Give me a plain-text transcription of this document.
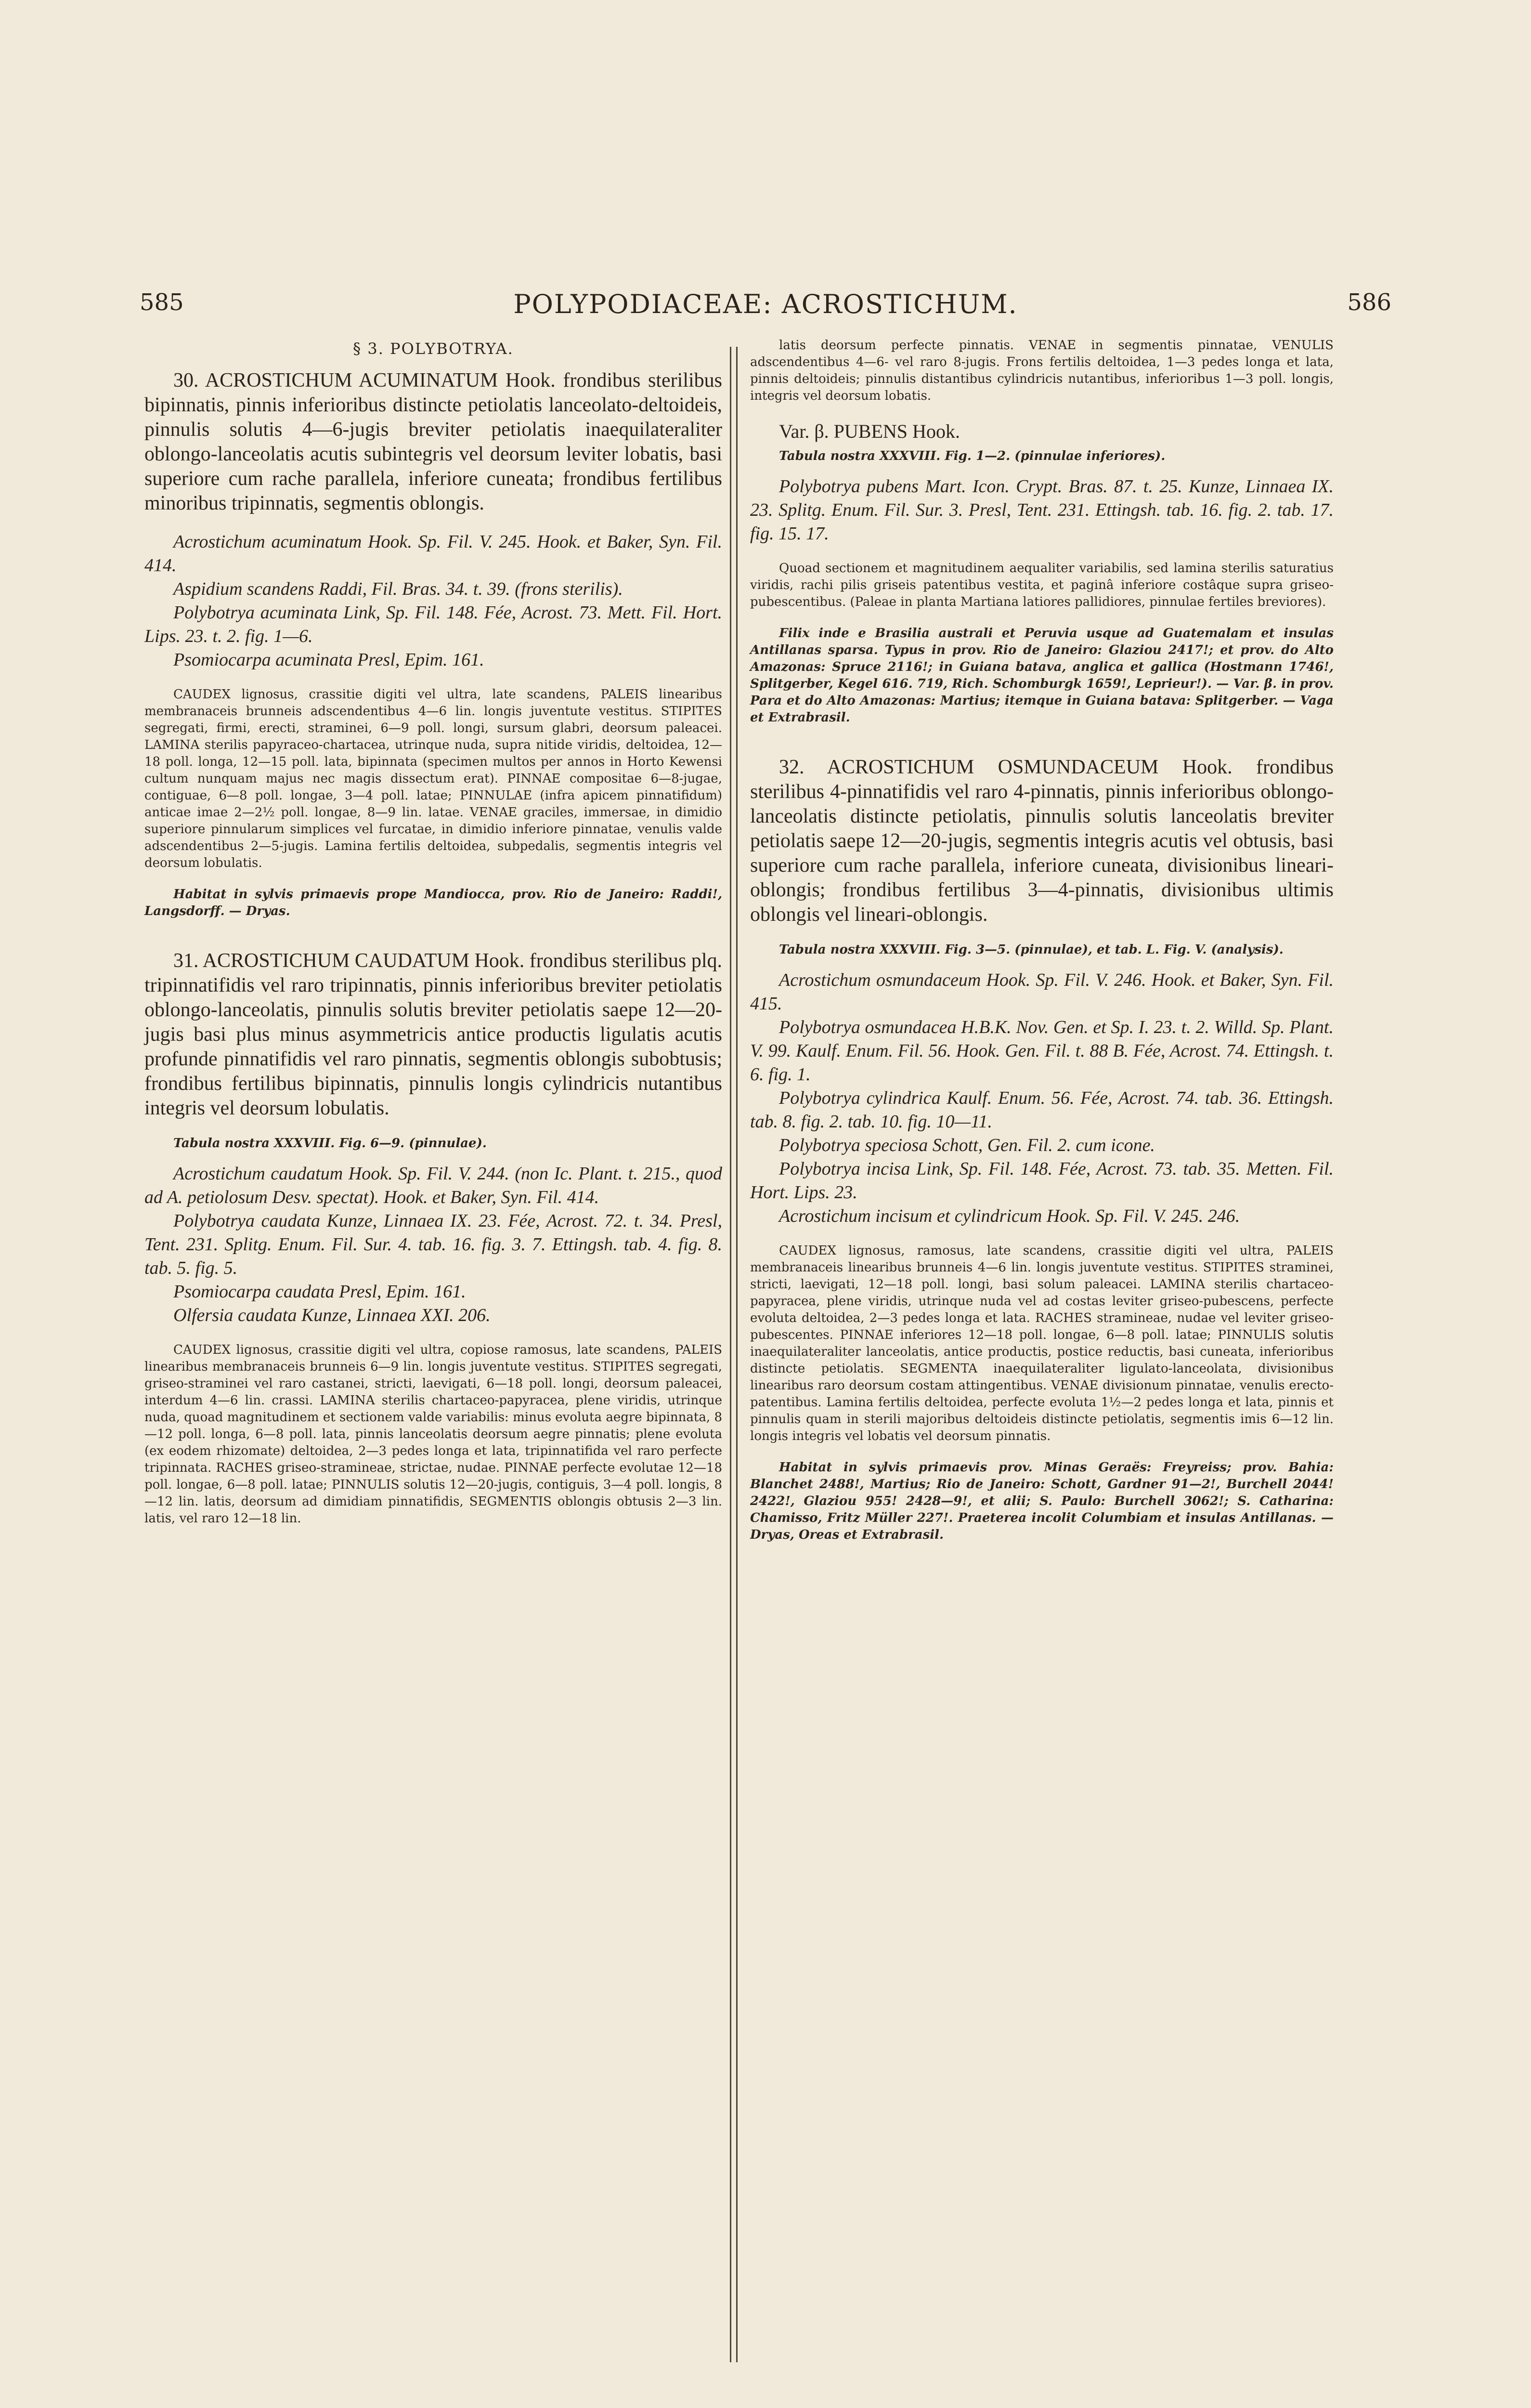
585	POLYPODIACEAE: ACROSTICHUM.	586
§ 3. POLYBOTRYA.

30. ACROSTICHUM ACUMINATUM Hook. frondibus sterilibus bipinnatis, pinnis inferioribus distincte petiolatis lanceolato-deltoideis, pinnulis solutis 4—6-jugis breviter petiolatis inaequilateraliter oblongo-lanceolatis acutis subintegris vel deorsum leviter lobatis, basi superiore cum rache parallela, inferiore cuneata; frondibus fertilibus minoribus tripinnatis, segmentis oblongis.

Acrostichum acuminatum Hook. Sp. Fil. V. 245. Hook. et Baker, Syn. Fil. 414.

Aspidium scandens Raddi, Fil. Bras. 34. t. 39. (frons sterilis).

Polybotrya acuminata Link, Sp. Fil. 148. Fée, Acrost. 73. Mett. Fil. Hort. Lips. 23. t. 2. fig. 1—6.

Psomiocarpa acuminata Presl, Epim. 161.

CAUDEX lignosus, crassitie digiti vel ultra, late scandens, PALEIS linearibus membranaceis brunneis adscendentibus 4—6 lin. longis juventute vestitus. STIPITES segregati, firmi, erecti, straminei, 6—9 poll. longi, sursum glabri, deorsum paleacei. LAMINA sterilis papyraceo-chartacea, utrinque nuda, supra nitide viridis, deltoidea, 12—18 poll. longa, 12—15 poll. lata, bipinnata (specimen multos per annos in Horto Kewensi cultum nunquam majus nec magis dissectum erat). PINNAE compositae 6—8-jugae, contiguae, 6—8 poll. longae, 3—4 poll. latae; PINNULAE (infra apicem pinnatifidum) anticae imae 2—2½ poll. longae, 8—9 lin. latae. VENAE graciles, immersae, in dimidio superiore pinnularum simplices vel furcatae, in dimidio inferiore pinnatae, venulis valde adscendentibus 2—5-jugis. Lamina fertilis deltoidea, subpedalis, segmentis integris vel deorsum lobulatis.

Habitat in sylvis primaevis prope Mandiocca, prov. Rio de Janeiro: Raddi!, Langsdorff. — Dryas.

31. ACROSTICHUM CAUDATUM Hook. frondibus sterilibus plq. tripinnatifidis vel raro tripinnatis, pinnis inferioribus breviter petiolatis oblongo-lanceolatis, pinnulis solutis breviter petiolatis saepe 12—20-jugis basi plus minus asymmetricis antice productis ligulatis acutis profunde pinnatifidis vel raro pinnatis, segmentis oblongis subobtusis; frondibus fertilibus bipinnatis, pinnulis longis cylindricis nutantibus integris vel deorsum lobulatis.

Tabula nostra XXXVIII. Fig. 6—9. (pinnulae).

Acrostichum caudatum Hook. Sp. Fil. V. 244. (non Ic. Plant. t. 215., quod ad A. petiolosum Desv. spectat). Hook. et Baker, Syn. Fil. 414.

Polybotrya caudata Kunze, Linnaea IX. 23. Fée, Acrost. 72. t. 34. Presl, Tent. 231. Splitg. Enum. Fil. Sur. 4. tab. 16. fig. 3. 7. Ettingsh. tab. 4. fig. 8. tab. 5. fig. 5.

Psomiocarpa caudata Presl, Epim. 161.

Olfersia caudata Kunze, Linnaea XXI. 206.

CAUDEX lignosus, crassitie digiti vel ultra, copiose ramosus, late scandens, PALEIS linearibus membranaceis brunneis 6—9 lin. longis juventute vestitus. STIPITES segregati, griseo-straminei vel raro castanei, stricti, laevigati, 6—18 poll. longi, deorsum paleacei, interdum 4—6 lin. crassi. LAMINA sterilis chartaceo-papyracea, plene viridis, utrinque nuda, quoad magnitudinem et sectionem valde variabilis: minus evoluta aegre bipinnata, 8—12 poll. longa, 6—8 poll. lata, pinnis lanceolatis deorsum aegre pinnatis; plene evoluta (ex eodem rhizomate) deltoidea, 2—3 pedes longa et lata, tripinnatifida vel raro perfecte tripinnata. RACHES griseo-stramineae, strictae, nudae. PINNAE perfecte evolutae 12—18 poll. longae, 6—8 poll. latae; PINNULIS solutis 12—20-jugis, contiguis, 3—4 poll. longis, 8—12 lin. latis, deorsum ad dimidiam pinnatifidis, SEGMENTIS oblongis obtusis 2—3 lin. latis, vel raro 12—18 lin.

latis deorsum perfecte pinnatis. VENAE in segmentis pinnatae, VENULIS adscendentibus 4—6- vel raro 8-jugis. Frons fertilis deltoidea, 1—3 pedes longa et lata, pinnis deltoideis; pinnulis distantibus cylindricis nutantibus, inferioribus 1—3 poll. longis, integris vel deorsum lobatis.

Var. β. PUBENS Hook.

Tabula nostra XXXVIII. Fig. 1—2. (pinnulae inferiores).

Polybotrya pubens Mart. Icon. Crypt. Bras. 87. t. 25. Kunze, Linnaea IX. 23. Splitg. Enum. Fil. Sur. 3. Presl, Tent. 231. Ettingsh. tab. 16. fig. 2. tab. 17. fig. 15. 17.

Quoad sectionem et magnitudinem aequaliter variabilis, sed lamina sterilis saturatius viridis, rachi pilis griseis patentibus vestita, et paginâ inferiore costâque supra griseo-pubescentibus. (Paleae in planta Martiana latiores pallidiores, pinnulae fertiles breviores).

Filix inde e Brasilia australi et Peruvia usque ad Guatemalam et insulas Antillanas sparsa. Typus in prov. Rio de Janeiro: Glaziou 2417!; et prov. do Alto Amazonas: Spruce 2116!; in Guiana batava, anglica et gallica (Hostmann 1746!, Splitgerber, Kegel 616. 719, Rich. Schomburgk 1659!, Leprieur!). — Var. β. in prov. Para et do Alto Amazonas: Martius; itemque in Guiana batava: Splitgerber. — Vaga et Extrabrasil.

32. ACROSTICHUM OSMUNDACEUM Hook. frondibus sterilibus 4-pinnatifidis vel raro 4-pinnatis, pinnis inferioribus oblongo-lanceolatis distincte petiolatis, pinnulis solutis lanceolatis breviter petiolatis saepe 12—20-jugis, segmentis integris acutis vel obtusis, basi superiore cum rache parallela, inferiore cuneata, divisionibus lineari-oblongis; frondibus fertilibus 3—4-pinnatis, divisionibus ultimis oblongis vel lineari-oblongis.

Tabula nostra XXXVIII. Fig. 3—5. (pinnulae), et tab. L. Fig. V. (analysis).

Acrostichum osmundaceum Hook. Sp. Fil. V. 246. Hook. et Baker, Syn. Fil. 415.

Polybotrya osmundacea H.B.K. Nov. Gen. et Sp. I. 23. t. 2. Willd. Sp. Plant. V. 99. Kaulf. Enum. Fil. 56. Hook. Gen. Fil. t. 88 B. Fée, Acrost. 74. Ettingsh. t. 6. fig. 1.

Polybotrya cylindrica Kaulf. Enum. 56. Fée, Acrost. 74. tab. 36. Ettingsh. tab. 8. fig. 2. tab. 10. fig. 10—11.

Polybotrya speciosa Schott, Gen. Fil. 2. cum icone.

Polybotrya incisa Link, Sp. Fil. 148. Fée, Acrost. 73. tab. 35. Metten. Fil. Hort. Lips. 23.

Acrostichum incisum et cylindricum Hook. Sp. Fil. V. 245. 246.

CAUDEX lignosus, ramosus, late scandens, crassitie digiti vel ultra, PALEIS membranaceis linearibus brunneis 4—6 lin. longis juventute vestitus. STIPITES straminei, stricti, laevigati, 12—18 poll. longi, basi solum paleacei. LAMINA sterilis chartaceo-papyracea, plene viridis, utrinque nuda vel ad costas leviter griseo-pubescens, perfecte evoluta deltoidea, 2—3 pedes longa et lata. RACHES stramineae, nudae vel leviter griseo-pubescentes. PINNAE inferiores 12—18 poll. longae, 6—8 poll. latae; PINNULIS solutis inaequilateraliter lanceolatis, antice productis, postice reductis, basi cuneata, inferioribus distincte petiolatis. SEGMENTA inaequilateraliter ligulato-lanceolata, divisionibus linearibus raro deorsum costam attingentibus. VENAE divisionum pinnatae, venulis erecto-patentibus. Lamina fertilis deltoidea, perfecte evoluta 1½—2 pedes longa et lata, pinnis et pinnulis quam in sterili majoribus deltoideis distincte petiolatis, segmentis imis 6—12 lin. longis integris vel lobatis vel deorsum pinnatis.

Habitat in sylvis primaevis prov. Minas Geraës: Freyreiss; prov. Bahia: Blanchet 2488!, Martius; Rio de Janeiro: Schott, Gardner 91—2!, Burchell 2044! 2422!, Glaziou 955! 2428—9!, et alii; S. Paulo: Burchell 3062!; S. Catharina: Chamisso, Fritz Müller 227!. Praeterea incolit Columbiam et insulas Antillanas. — Dryas, Oreas et Extrabrasil.
